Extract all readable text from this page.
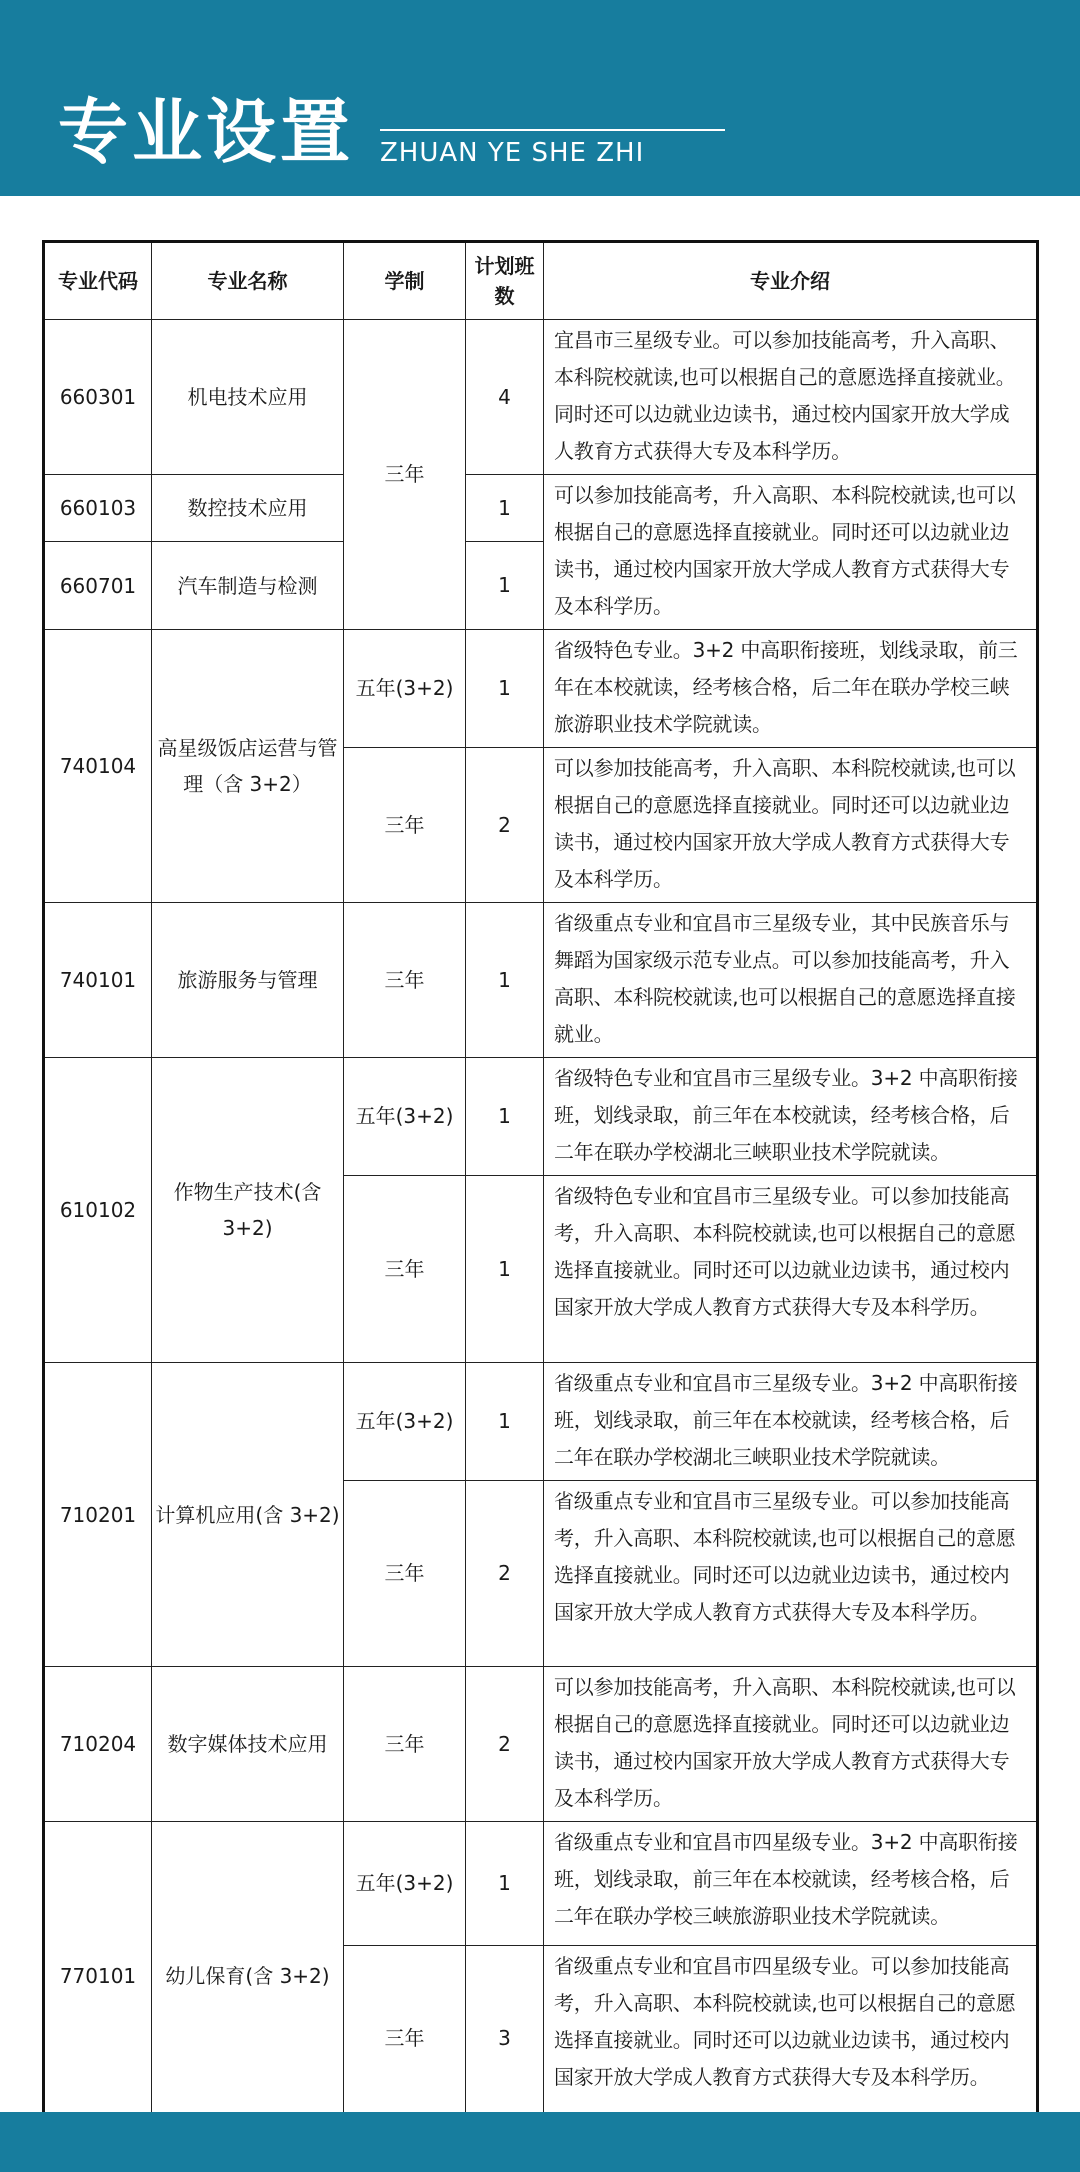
专业设置 ZHUAN YE SHE ZHI
专业代码	专业名称	学制	计划班数	专业介绍
660301	机电技术应用	三年	4	宜昌市三星级专业。可以参加技能高考，升入高职、本科院校就读,也可以根据自己的意愿选择直接就业。同时还可以边就业边读书，通过校内国家开放大学成人教育方式获得大专及本科学历。
660103	数控技术应用		1	可以参加技能高考，升入高职、本科院校就读,也可以根据自己的意愿选择直接就业。同时还可以边就业边读书，通过校内国家开放大学成人教育方式获得大专及本科学历。
660701	汽车制造与检测		1	
740104	高星级饭店运营与管理（含 3+2）	五年(3+2)	1	省级特色专业。3+2 中高职衔接班，划线录取，前三年在本校就读，经考核合格，后二年在联办学校三峡旅游职业技术学院就读。
		三年	2	可以参加技能高考，升入高职、本科院校就读,也可以根据自己的意愿选择直接就业。同时还可以边就业边读书，通过校内国家开放大学成人教育方式获得大专及本科学历。
740101	旅游服务与管理	三年	1	省级重点专业和宜昌市三星级专业，其中民族音乐与舞蹈为国家级示范专业点。可以参加技能高考，升入高职、本科院校就读,也可以根据自己的意愿选择直接就业。
610102	作物生产技术(含 3+2)	五年(3+2)	1	省级特色专业和宜昌市三星级专业。3+2 中高职衔接班，划线录取，前三年在本校就读，经考核合格，后二年在联办学校湖北三峡职业技术学院就读。
		三年	1	省级特色专业和宜昌市三星级专业。可以参加技能高考，升入高职、本科院校就读,也可以根据自己的意愿选择直接就业。同时还可以边就业边读书，通过校内国家开放大学成人教育方式获得大专及本科学历。
710201	计算机应用(含 3+2)	五年(3+2)	1	省级重点专业和宜昌市三星级专业。3+2 中高职衔接班，划线录取，前三年在本校就读，经考核合格，后二年在联办学校湖北三峡职业技术学院就读。
		三年	2	省级重点专业和宜昌市三星级专业。可以参加技能高考，升入高职、本科院校就读,也可以根据自己的意愿选择直接就业。同时还可以边就业边读书，通过校内国家开放大学成人教育方式获得大专及本科学历。
710204	数字媒体技术应用	三年	2	可以参加技能高考，升入高职、本科院校就读,也可以根据自己的意愿选择直接就业。同时还可以边就业边读书，通过校内国家开放大学成人教育方式获得大专及本科学历。
770101	幼儿保育(含 3+2)	五年(3+2)	1	省级重点专业和宜昌市四星级专业。3+2 中高职衔接班，划线录取，前三年在本校就读，经考核合格，后二年在联办学校三峡旅游职业技术学院就读。
		三年	3	省级重点专业和宜昌市四星级专业。可以参加技能高考，升入高职、本科院校就读,也可以根据自己的意愿选择直接就业。同时还可以边就业边读书，通过校内国家开放大学成人教育方式获得大专及本科学历。
